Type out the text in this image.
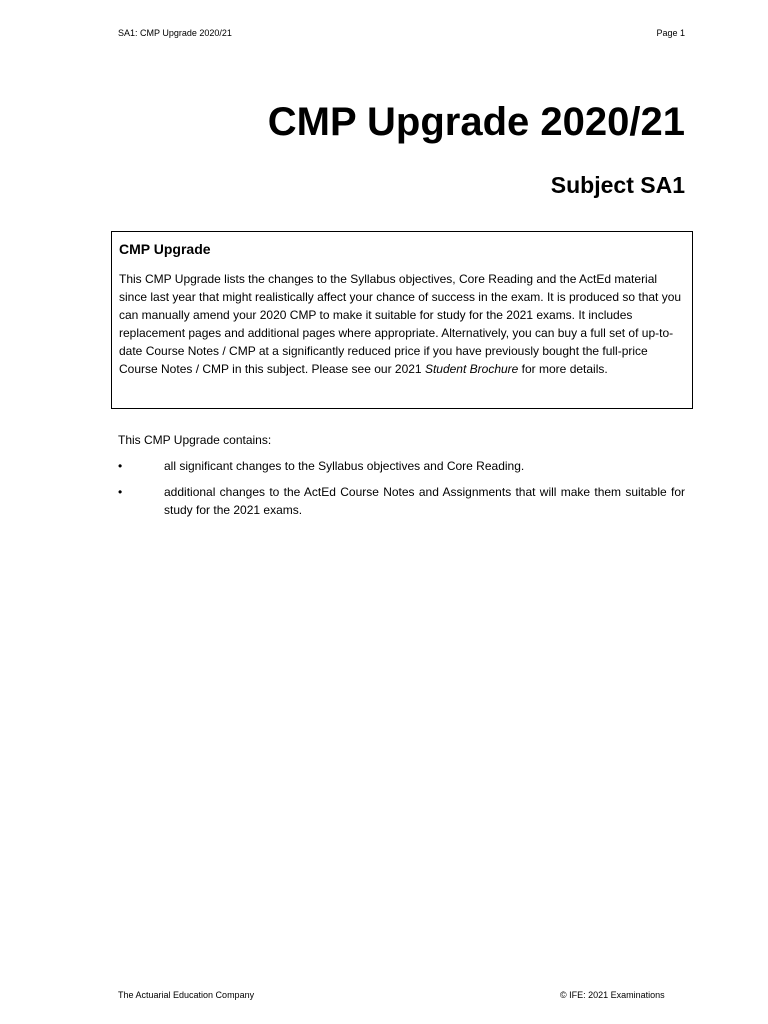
SA1: CMP Upgrade 2020/21	Page 1
CMP Upgrade 2020/21
Subject SA1

CMP Upgrade

This CMP Upgrade lists the changes to the Syllabus objectives, Core Reading and the ActEd material since last year that might realistically affect your chance of success in the exam. It is produced so that you can manually amend your 2020 CMP to make it suitable for study for the 2021 exams. It includes replacement pages and additional pages where appropriate. Alternatively, you can buy a full set of up-to-date Course Notes / CMP at a significantly reduced price if you have previously bought the full-price Course Notes / CMP in this subject. Please see our 2021 Student Brochure for more details.

This CMP Upgrade contains:
•	all significant changes to the Syllabus objectives and Core Reading.
•	additional changes to the ActEd Course Notes and Assignments that will make them suitable for study for the 2021 exams.
The Actuarial Education Company	© IFE: 2021 Examinations
